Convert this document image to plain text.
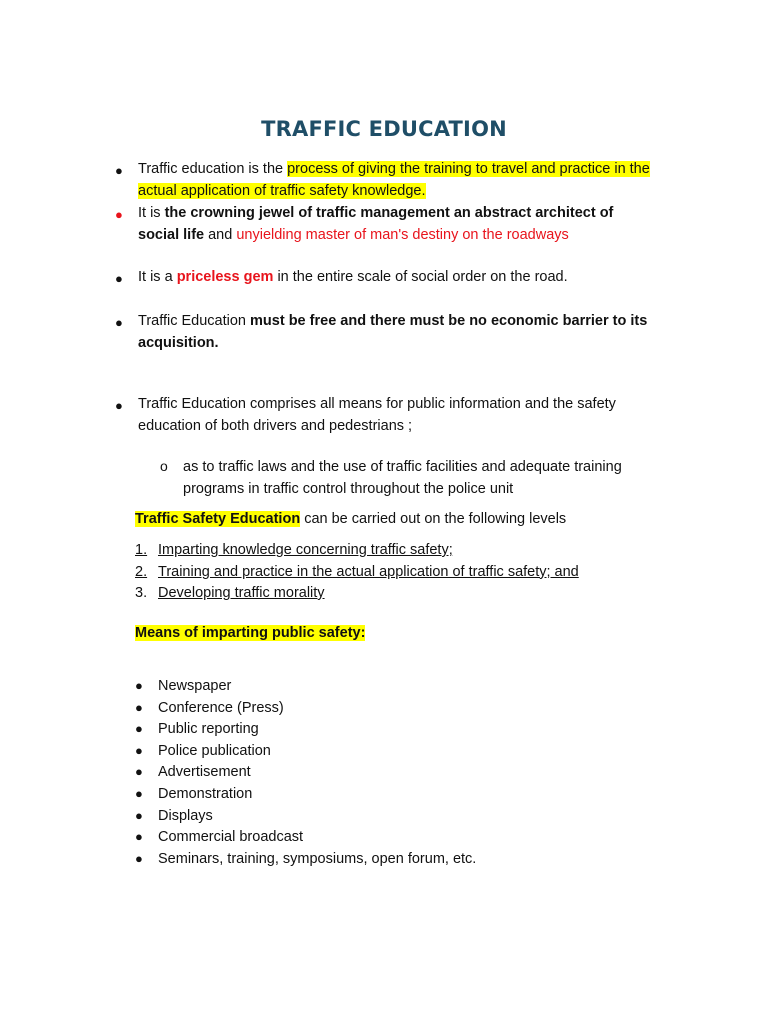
TRAFFIC EDUCATION
● Traffic education is the process of giving the training to travel and practice in the
actual application of traffic safety knowledge.
● It is the crowning jewel of traffic management an abstract architect of
social life and unyielding master of man's destiny on the roadways
● It is a priceless gem in the entire scale of social order on the road.
● Traffic Education must be free and there must be no economic barrier to its
acquisition.
● Traffic Education comprises all means for public information and the safety
education of both drivers and pedestrians ;
o as to traffic laws and the use of traffic facilities and adequate training
programs in traffic control throughout the police unit
Traffic Safety Education can be carried out on the following levels
1. Imparting knowledge concerning traffic safety;
2. Training and practice in the actual application of traffic safety; and
3. Developing traffic morality
Means of imparting public safety:
● Newspaper
● Conference (Press)
● Public reporting
● Police publication
● Advertisement
● Demonstration
● Displays
● Commercial broadcast
● Seminars, training, symposiums, open forum, etc.
